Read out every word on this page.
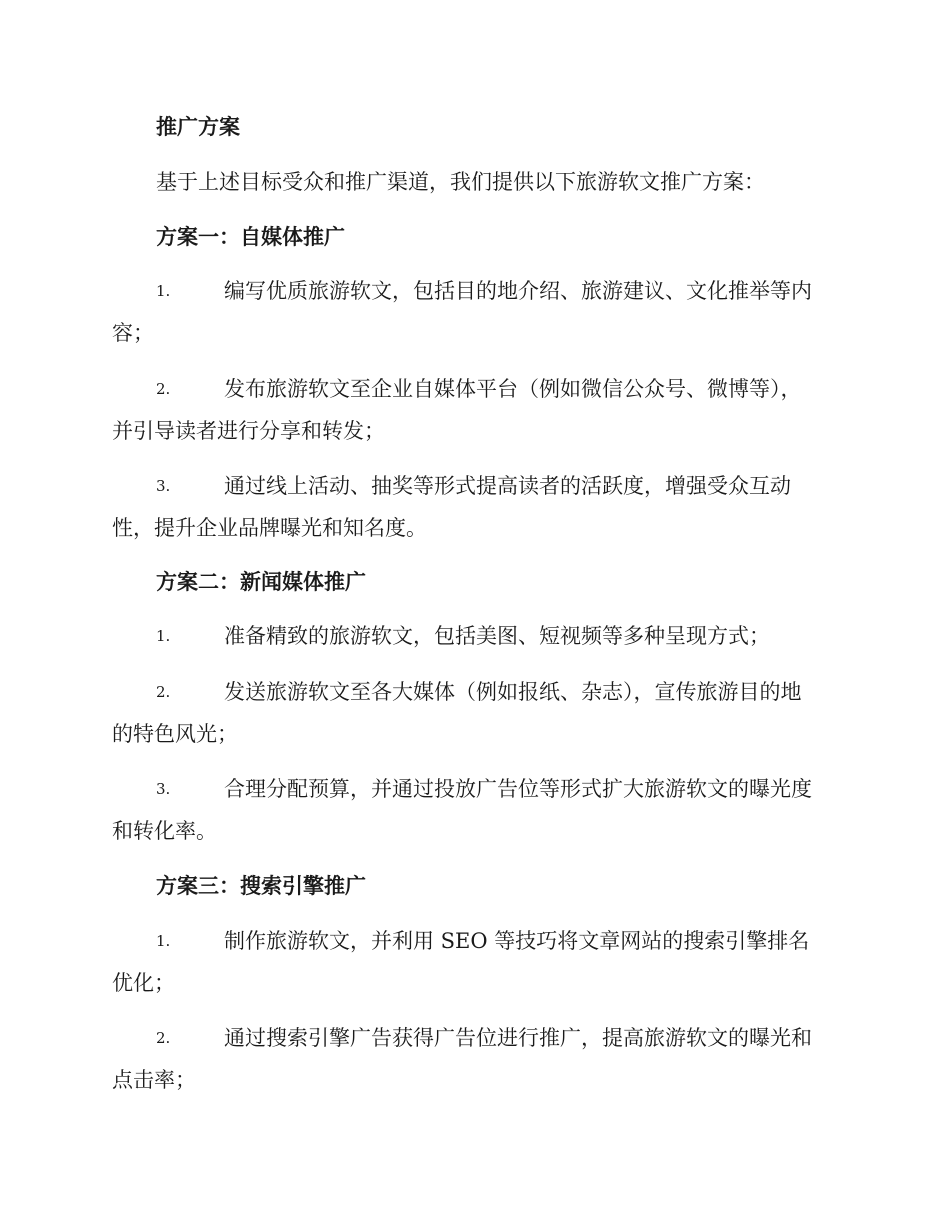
推广方案
基于上述目标受众和推广渠道，我们提供以下旅游软文推广方案：
方案一：自媒体推广
1.	编写优质旅游软文，包括目的地介绍、旅游建议、文化推举等内
容；
2.	发布旅游软文至企业自媒体平台（例如微信公众号、微博等），
并引导读者进行分享和转发；
3.	通过线上活动、抽奖等形式提高读者的活跃度，增强受众互动
性，提升企业品牌曝光和知名度。
方案二：新闻媒体推广
1.	准备精致的旅游软文，包括美图、短视频等多种呈现方式；
2.	发送旅游软文至各大媒体（例如报纸、杂志），宣传旅游目的地
的特色风光；
3.	合理分配预算，并通过投放广告位等形式扩大旅游软文的曝光度
和转化率。
方案三：搜索引擎推广
1.	制作旅游软文，并利用 SEO 等技巧将文章网站的搜索引擎排名
优化；
2.	通过搜索引擎广告获得广告位进行推广，提高旅游软文的曝光和
点击率；
